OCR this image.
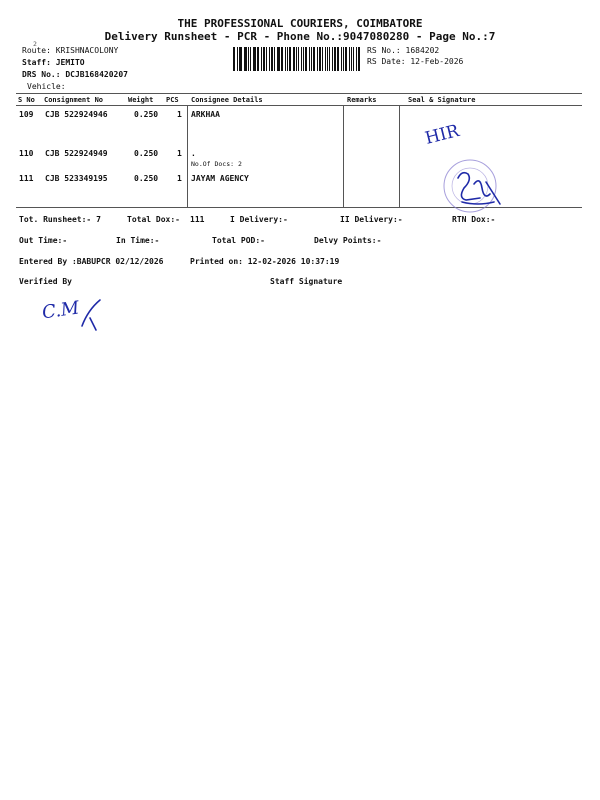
THE PROFESSIONAL COURIERS, COIMBATORE
Delivery Runsheet - PCR - Phone No.:9047080280 - Page No.:7
2
Route: KRISHNACOLONY
Staff: JEMITO
DRS No.: DCJB168420207
Vehicle:
RS No.: 1684202
RS Date: 12-Feb-2026
S No Consignment No	Weight PCS Consignee Details	Remarks	Seal & Signature
109 CJB 522924946	0.250 1 ARKHAA
110 CJB 522924949	0.250 1 .
No.Of Docs: 2
111 CJB 523349195	0.250 1 JAYAM AGENCY
HIR
Tot. Runsheet:- 7	Total Dox:- 111	I Delivery:-	II Delivery:-	RTN Dox:-
Out Time:-	In Time:-	Total POD:-	Delvy Points:-
Entered By :BABUPCR 02/12/2026	Printed on: 12-02-2026 10:37:19
Verified By	Staff Signature
C.M
